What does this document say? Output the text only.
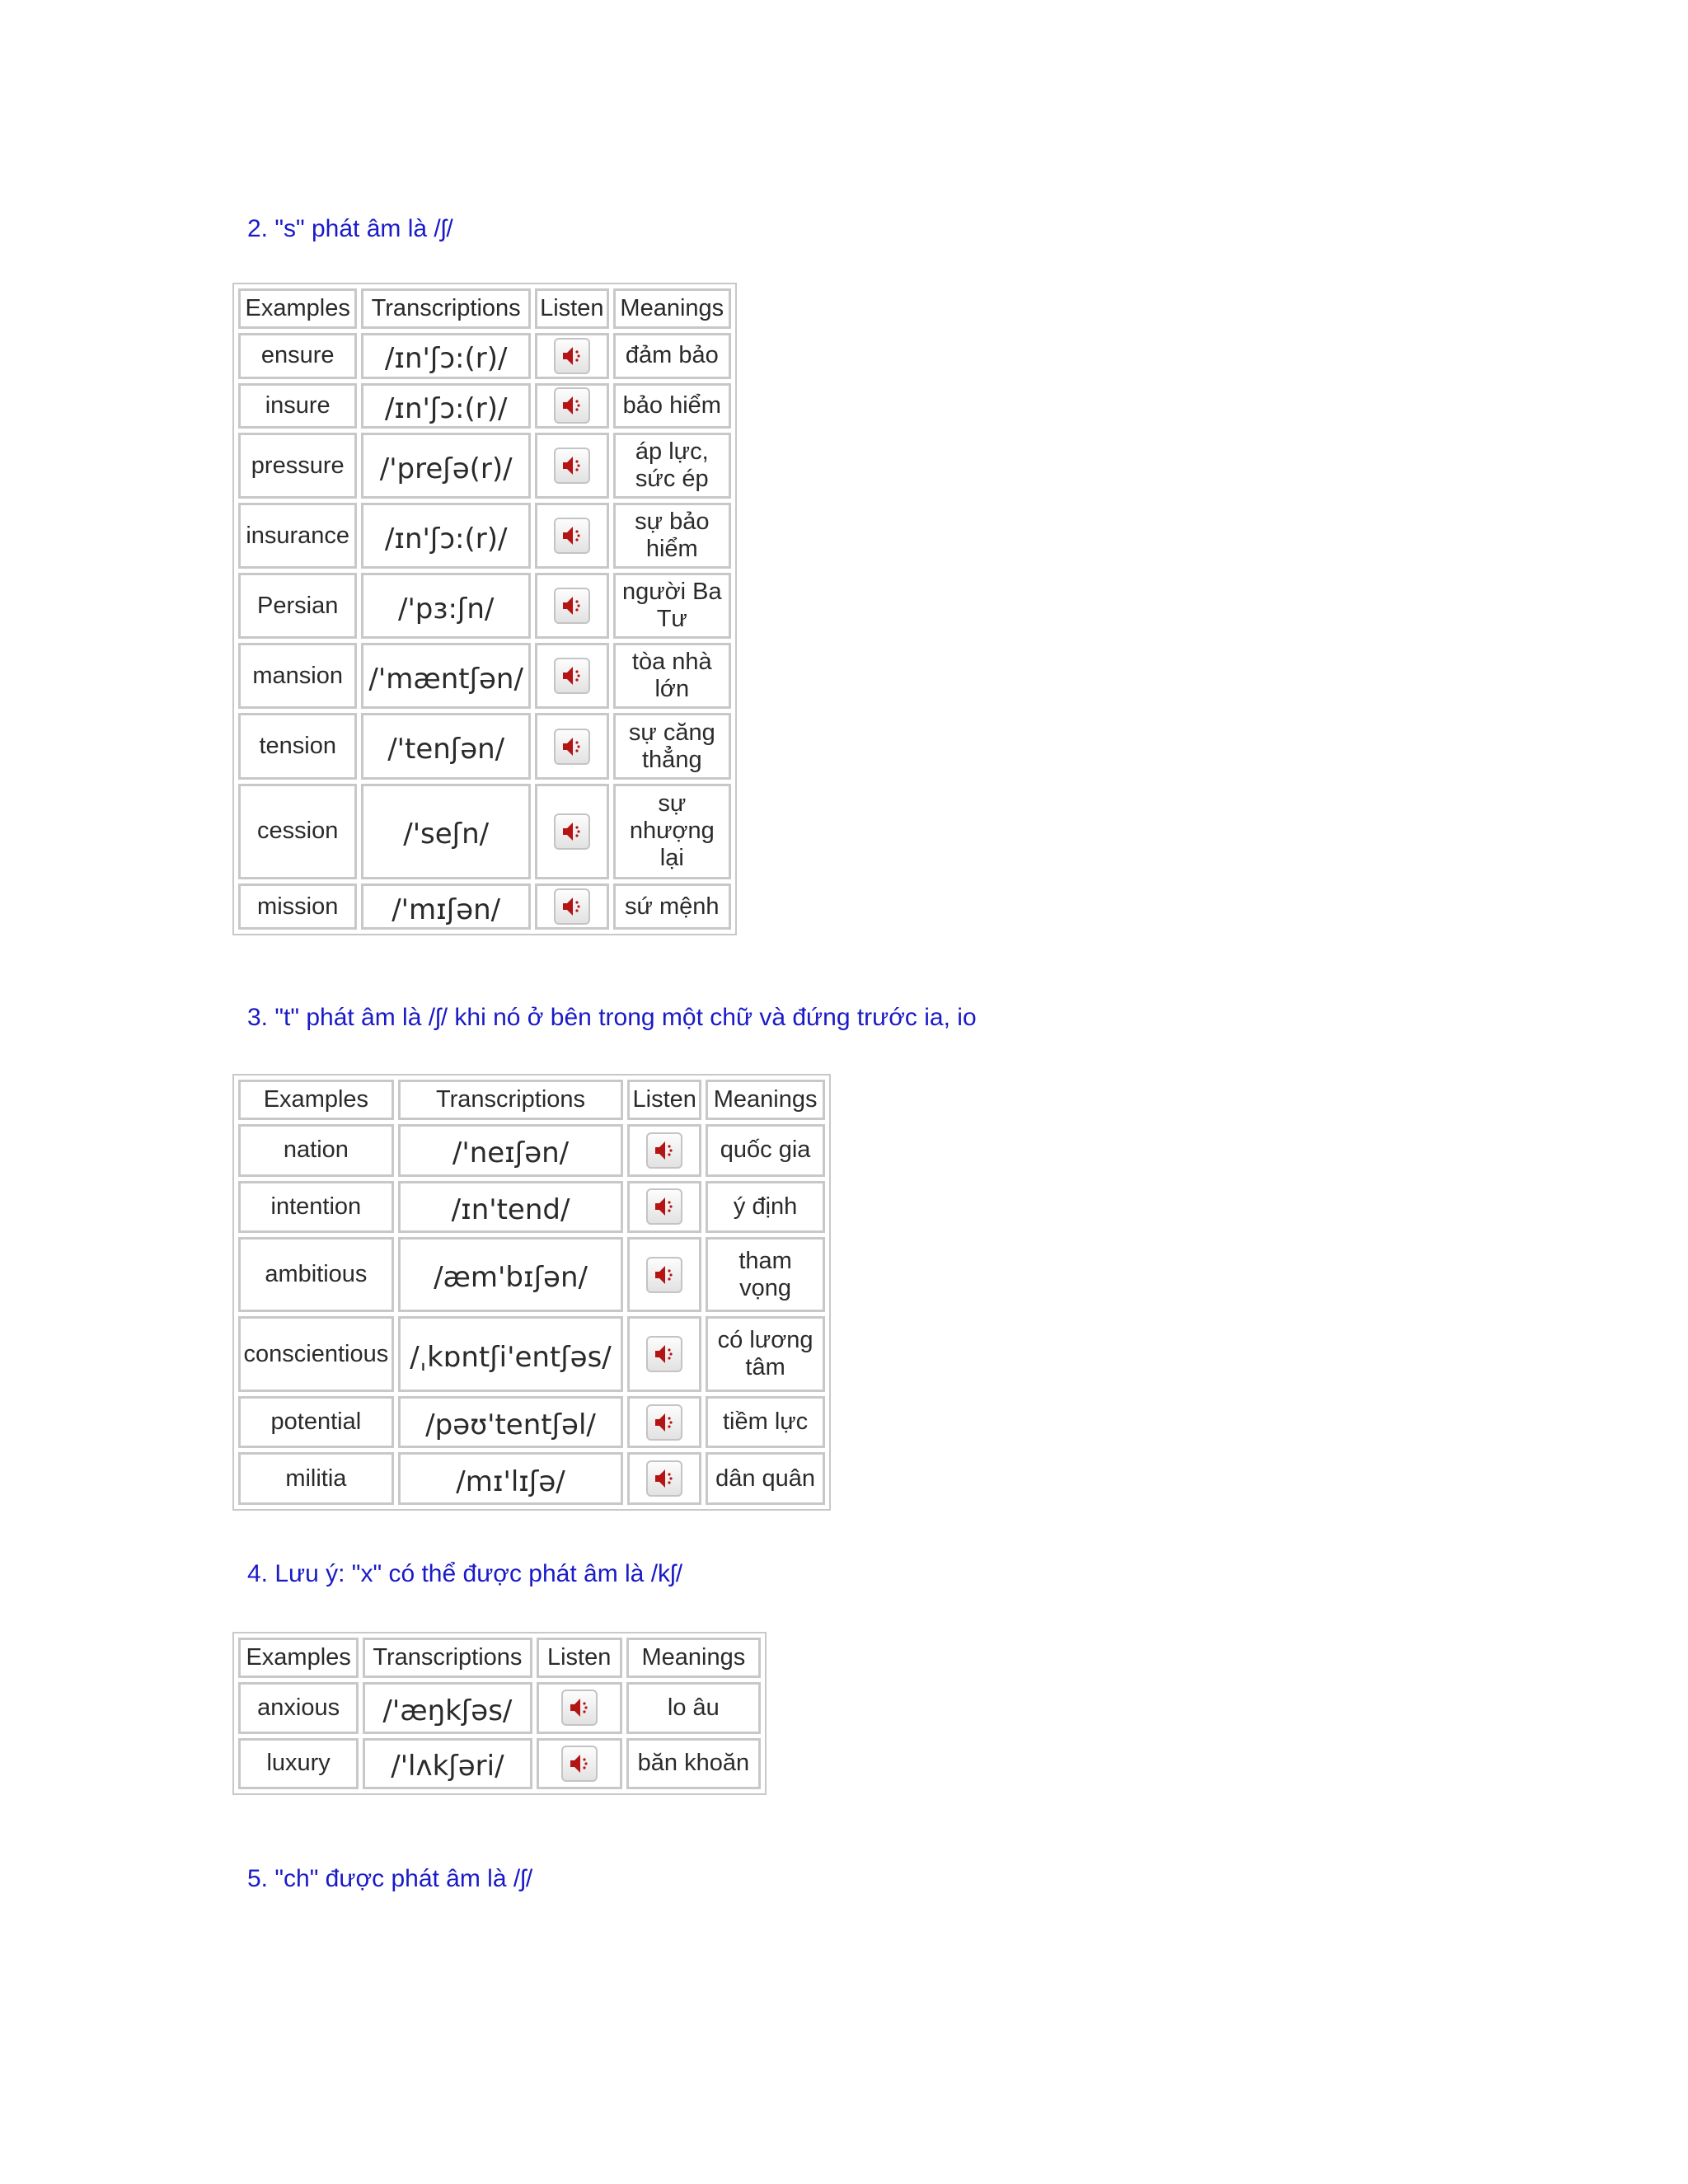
2. "s" phát âm là /ʃ/
Examples	Transcriptions	Listen	Meanings
ensure	/ɪn'ʃɔ:(r)/		đảm bảo
insure	/ɪn'ʃɔ:(r)/		bảo hiểm
pressure	/'preʃə(r)/		áp lực, sức ép
insurance	/ɪn'ʃɔ:(r)/		sự bảo hiểm
Persian	/'pɜ:ʃn/		người Ba Tư
mansion	/'mæntʃən/		tòa nhà lớn
tension	/'tenʃən/		sự căng thẳng
cession	/'seʃn/		sự nhượng lại
mission	/'mɪʃən/		sứ mệnh
3. "t" phát âm là /ʃ/ khi nó ở bên trong một chữ và đứng trước ia, io
Examples	Transcriptions	Listen	Meanings
nation	/'neɪʃən/		quốc gia
intention	/ɪn'tend/		ý định
ambitious	/æm'bɪʃən/		tham vọng
conscientious	/ˌkɒntʃi'entʃəs/		có lương tâm
potential	/pəʊ'tentʃəl/		tiềm lực
militia	/mɪ'lɪʃə/		dân quân
4. Lưu ý: "x" có thể được phát âm là /kʃ/
Examples	Transcriptions	Listen	Meanings
anxious	/'æŋkʃəs/		lo âu
luxury	/'lʌkʃəri/		băn khoăn
5. "ch" được phát âm là /ʃ/
